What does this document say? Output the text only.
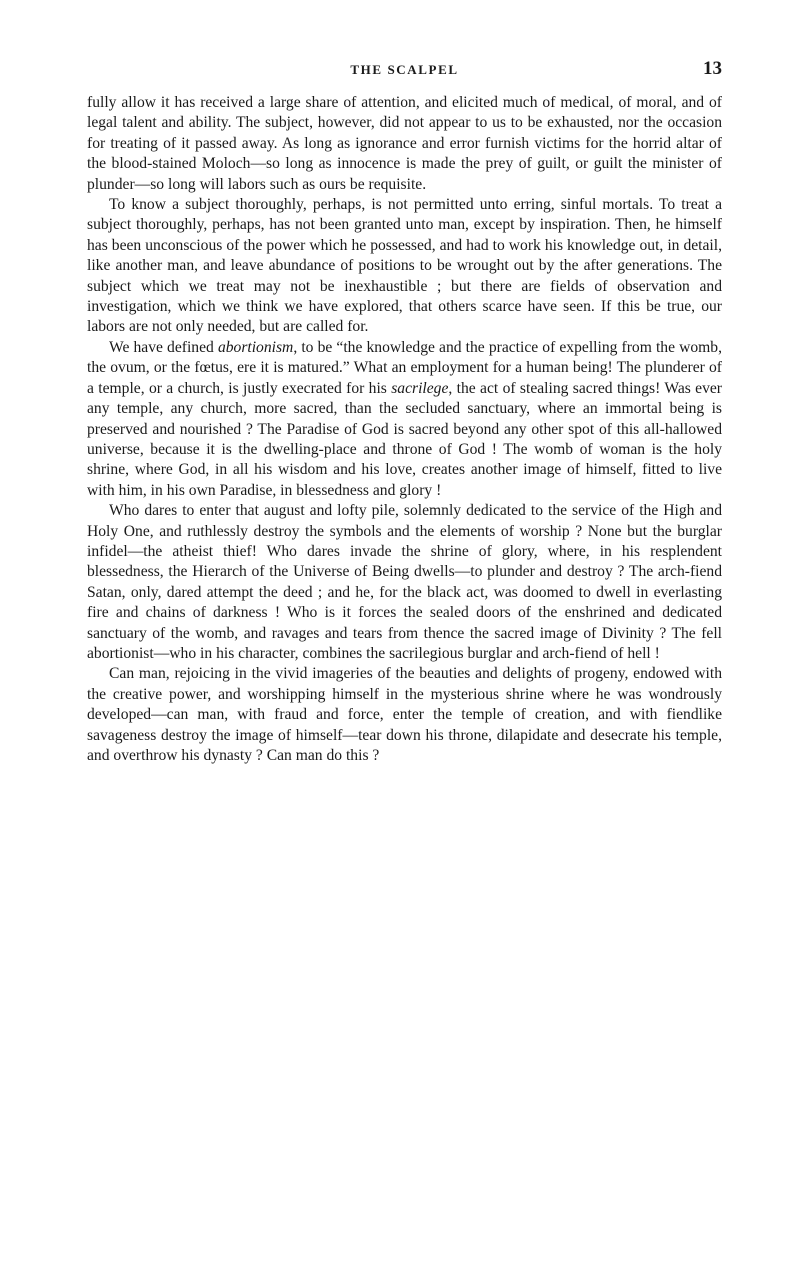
THE SCALPEL	13

fully allow it has received a large share of attention, and elicited much of medical, of moral, and of legal talent and ability. The subject, however, did not appear to us to be exhausted, nor the occasion for treating of it passed away. As long as ignorance and error furnish victims for the horrid altar of the blood-stained Moloch—so long as innocence is made the prey of guilt, or guilt the minister of plunder—so long will labors such as ours be requisite.

To know a subject thoroughly, perhaps, is not permitted unto erring, sinful mortals. To treat a subject thoroughly, perhaps, has not been granted unto man, except by inspiration. Then, he himself has been unconscious of the power which he possessed, and had to work his knowledge out, in detail, like another man, and leave abundance of positions to be wrought out by the after generations. The subject which we treat may not be inexhaustible ; but there are fields of observation and investigation, which we think we have explored, that others scarce have seen. If this be true, our labors are not only needed, but are called for.

We have defined abortionism, to be “the knowledge and the practice of expelling from the womb, the ovum, or the fœtus, ere it is matured.” What an employment for a human being! The plunderer of a temple, or a church, is justly execrated for his sacrilege, the act of stealing sacred things! Was ever any temple, any church, more sacred, than the secluded sanctuary, where an immortal being is preserved and nourished ? The Paradise of God is sacred beyond any other spot of this all-hallowed universe, because it is the dwelling-place and throne of God ! The womb of woman is the holy shrine, where God, in all his wisdom and his love, creates another image of himself, fitted to live with him, in his own Paradise, in blessedness and glory !

Who dares to enter that august and lofty pile, solemnly dedicated to the service of the High and Holy One, and ruthlessly destroy the symbols and the elements of worship ? None but the burglar infidel—the atheist thief! Who dares invade the shrine of glory, where, in his resplendent blessedness, the Hierarch of the Universe of Being dwells—to plunder and destroy ? The arch-fiend Satan, only, dared attempt the deed ; and he, for the black act, was doomed to dwell in everlasting fire and chains of darkness ! Who is it forces the sealed doors of the enshrined and dedicated sanctuary of the womb, and ravages and tears from thence the sacred image of Divinity ? The fell abortionist—who in his character, combines the sacrilegious burglar and arch-fiend of hell !

Can man, rejoicing in the vivid imageries of the beauties and delights of progeny, endowed with the creative power, and worshipping himself in the mysterious shrine where he was wondrously developed—can man, with fraud and force, enter the temple of creation, and with fiendlike savageness destroy the image of himself—tear down his throne, dilapidate and desecrate his temple, and overthrow his dynasty ? Can man do this ?
